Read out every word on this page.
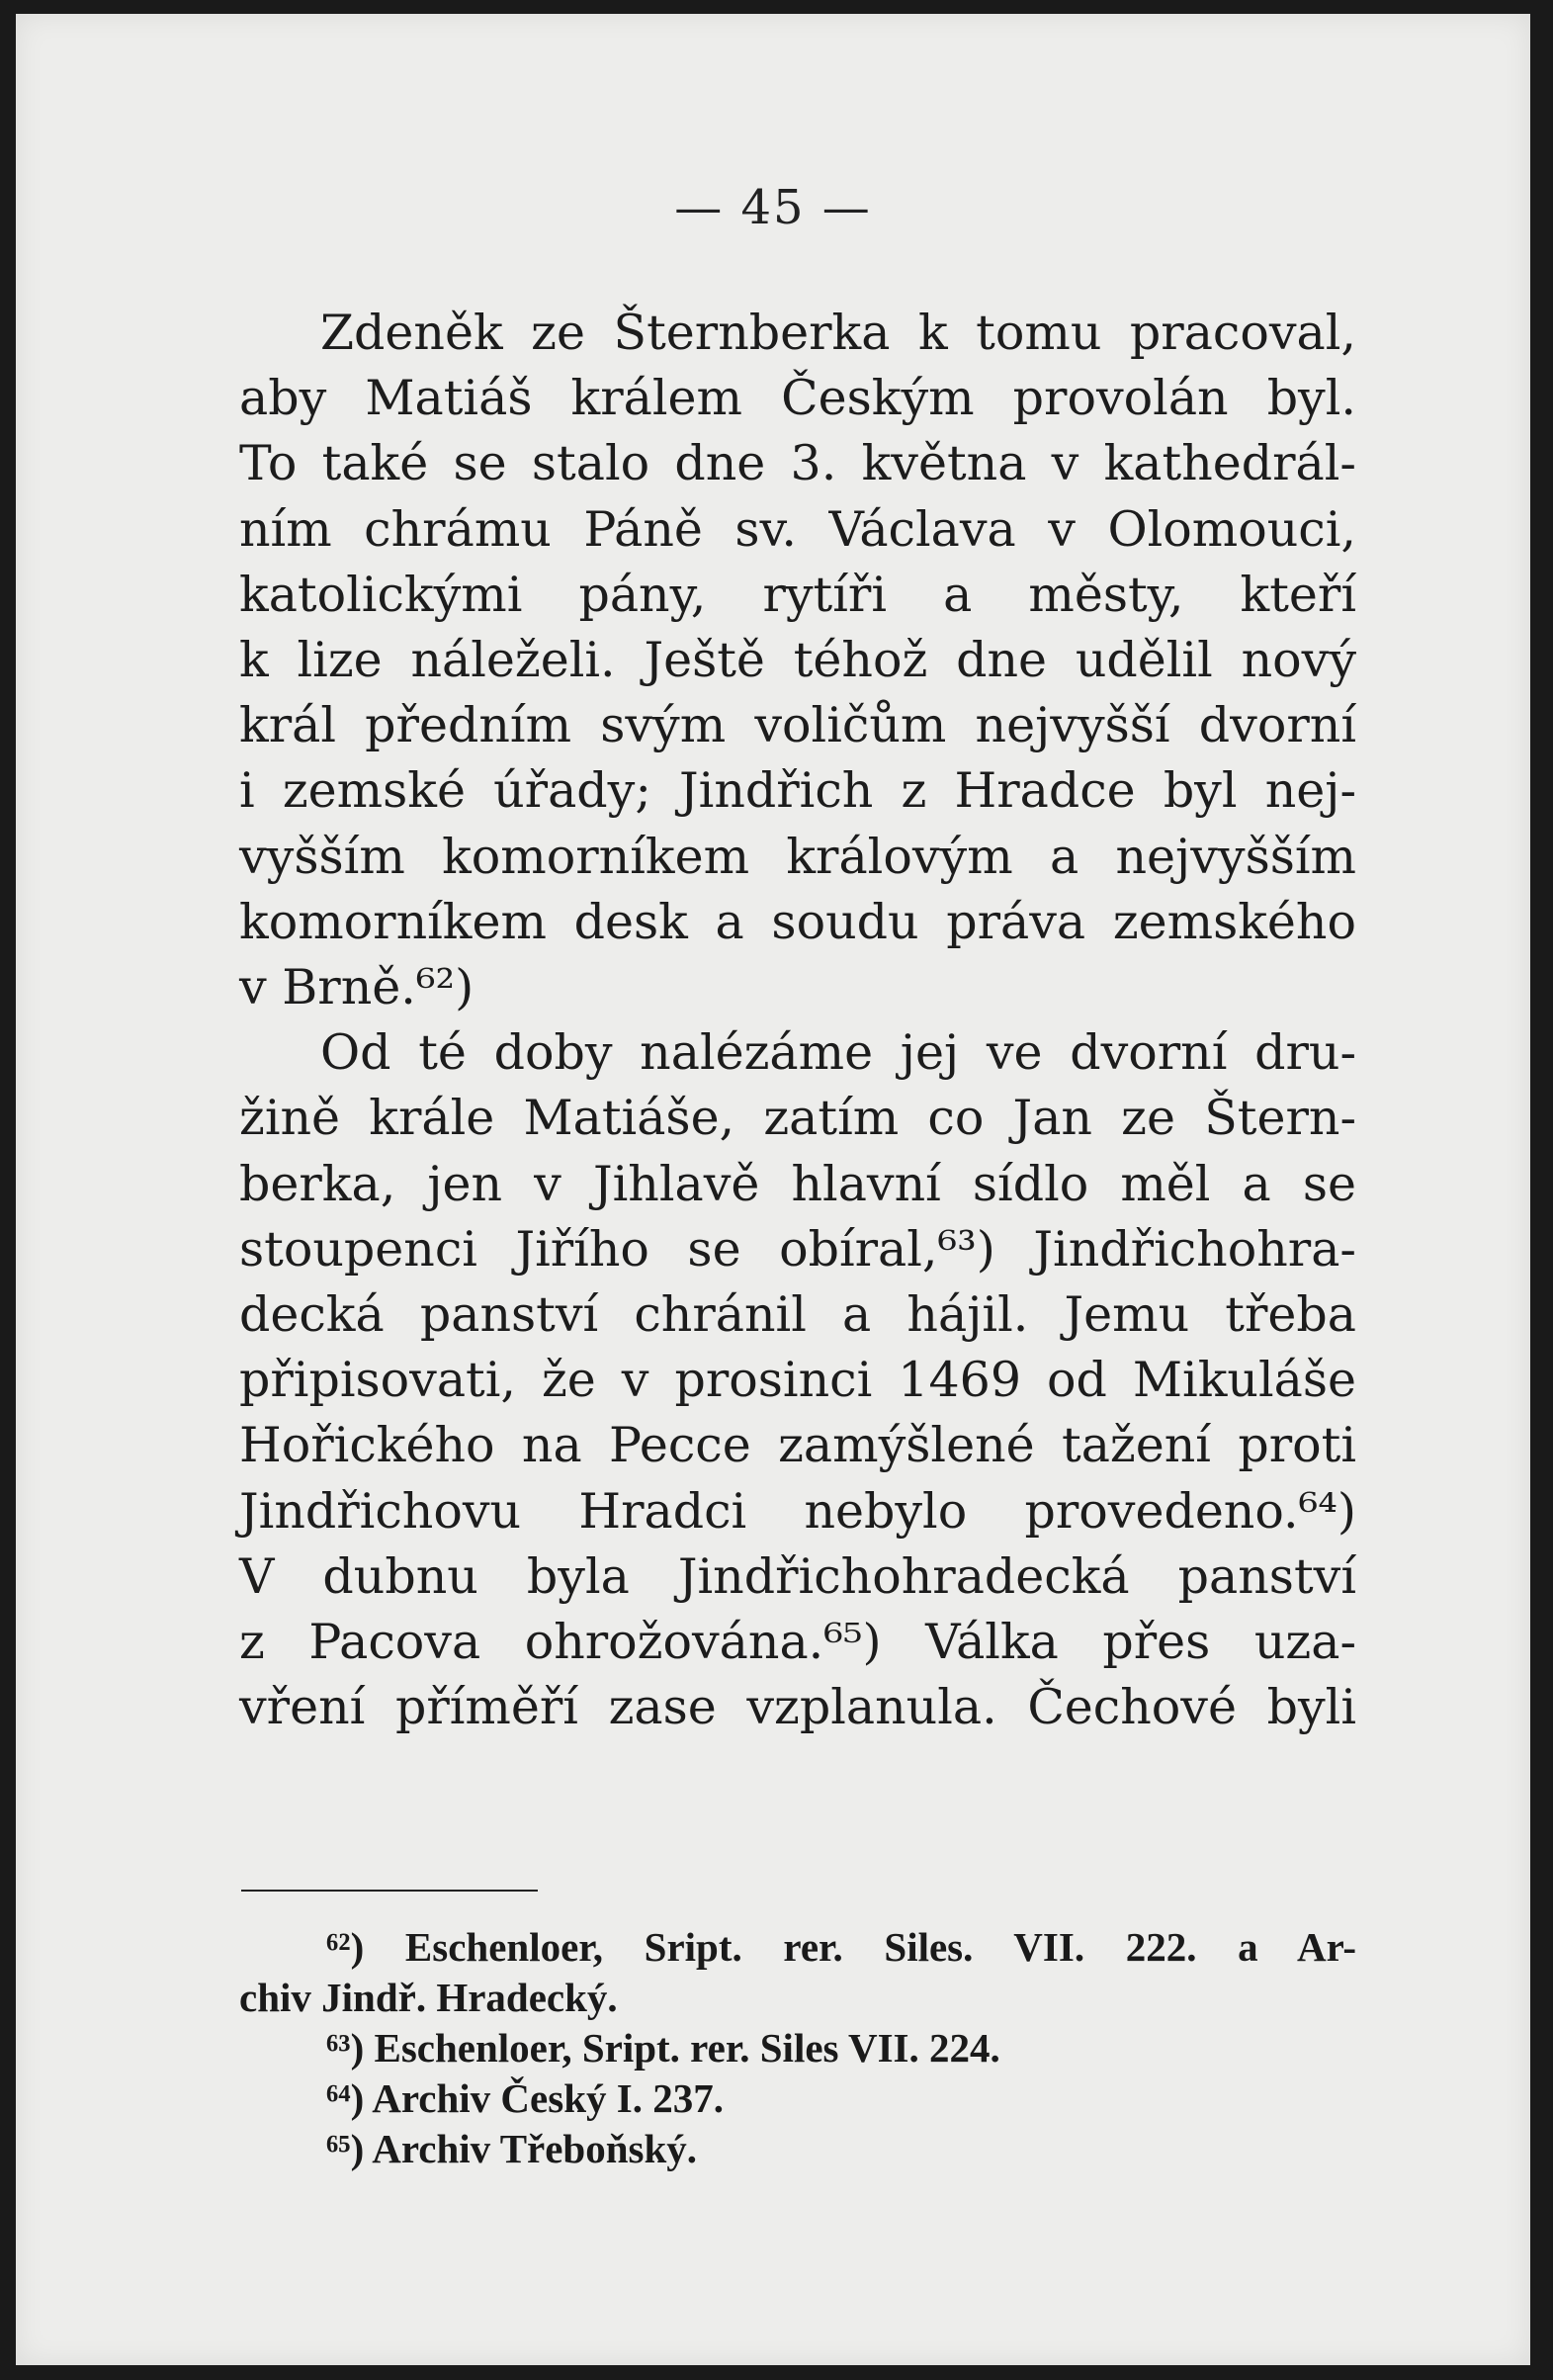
— 45 —

Zdeněk ze Šternberka k tomu pracoval,
aby Matiáš králem Českým provolán byl.
To také se stalo dne 3. května v kathedrál-
ním chrámu Páně sv. Václava v Olomouci,
katolickými pány, rytíři a městy, kteří
k lize náleželi. Ještě téhož dne udělil nový
král předním svým voličům nejvyšší dvorní
i zemské úřady; Jindřich z Hradce byl nej-
vyšším komorníkem královým a nejvyšším
komorníkem desk a soudu práva zemského
v Brně.⁶²)

Od té doby nalézáme jej ve dvorní dru-
žině krále Matiáše, zatím co Jan ze Štern-
berka, jen v Jihlavě hlavní sídlo měl a se
stoupenci Jiřího se obíral,⁶³) Jindřichohra-
decká panství chránil a hájil. Jemu třeba
připisovati, že v prosinci 1469 od Mikuláše
Hořického na Pecce zamýšlené tažení proti
Jindřichovu Hradci nebylo provedeno.⁶⁴)
V dubnu byla Jindřichohradecká panství
z Pacova ohrožována.⁶⁵) Válka přes uza-
vření příměří zase vzplanula. Čechové byli

⁶²) Eschenloer, Sript. rer. Siles. VII. 222. a Ar-
chiv Jindř. Hradecký.
⁶³) Eschenloer, Sript. rer. Siles VII. 224.
⁶⁴) Archiv Český I. 237.
⁶⁵) Archiv Třeboňský.
